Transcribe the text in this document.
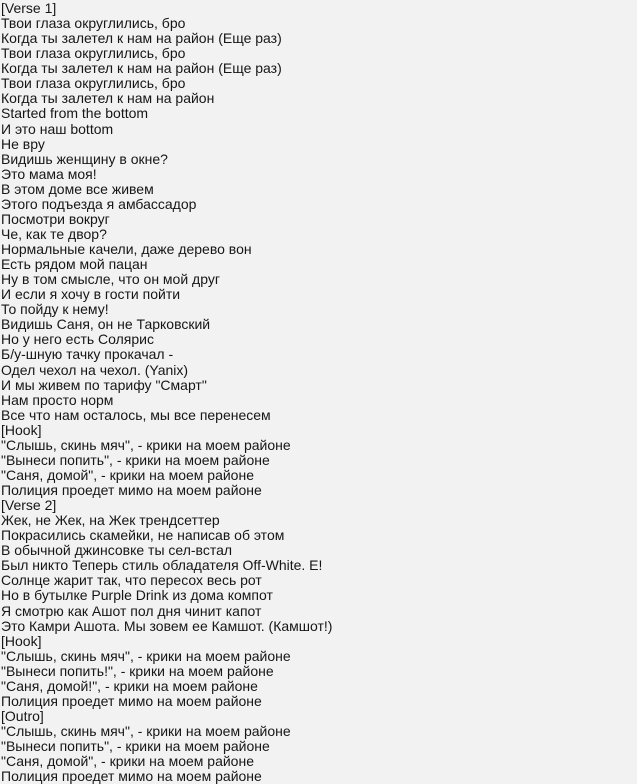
[Verse 1]
Твои глаза округлились, бро
Когда ты залетел к нам на район (Еще раз)
Твои глаза округлились, бро
Когда ты залетел к нам на район (Еще раз)
Твои глаза округлились, бро
Когда ты залетел к нам на район
Started from the bottom
И это наш bottom
Не вру
Видишь женщину в окне?
Это мама моя!
В этом доме все живем
Этого подъезда я амбассадор
Посмотри вокруг
Че, как те двор?
Нормальные качели, даже дерево вон
Есть рядом мой пацан
Ну в том смысле, что он мой друг
И если я хочу в гости пойти
То пойду к нему!
Видишь Саня, он не Тарковский
Но у него есть Солярис
Б/у-шную тачку прокачал -
Одел чехол на чехол. (Yanix)
И мы живем по тарифу "Смарт"
Нам просто норм
Все что нам осталось, мы все перенесем
[Hook]
"Слышь, скинь мяч", - крики на моем районе
"Вынеси попить", - крики на моем районе
"Саня, домой", - крики на моем районе
Полиция проедет мимо на моем районе
[Verse 2]
Жек, не Жек, на Жек трендсеттер
Покрасились скамейки, не написав об этом
В обычной джинсовке ты сел-встал
Был никто Теперь стиль обладателя Off-White. Е!
Солнце жарит так, что пересох весь рот
Но в бутылке Purple Drink из дома компот
Я смотрю как Ашот пол дня чинит капот
Это Камри Ашота. Мы зовем ее Камшот. (Камшот!)
[Hook]
"Слышь, скинь мяч", - крики на моем районе
"Вынеси попить!", - крики на моем районе
"Саня, домой!", - крики на моем районе
Полиция проедет мимо на моем районе
[Outro]
"Слышь, скинь мяч", - крики на моем районе
"Вынеси попить", - крики на моем районе
"Саня, домой", - крики на моем районе
Полиция проедет мимо на моем районе
